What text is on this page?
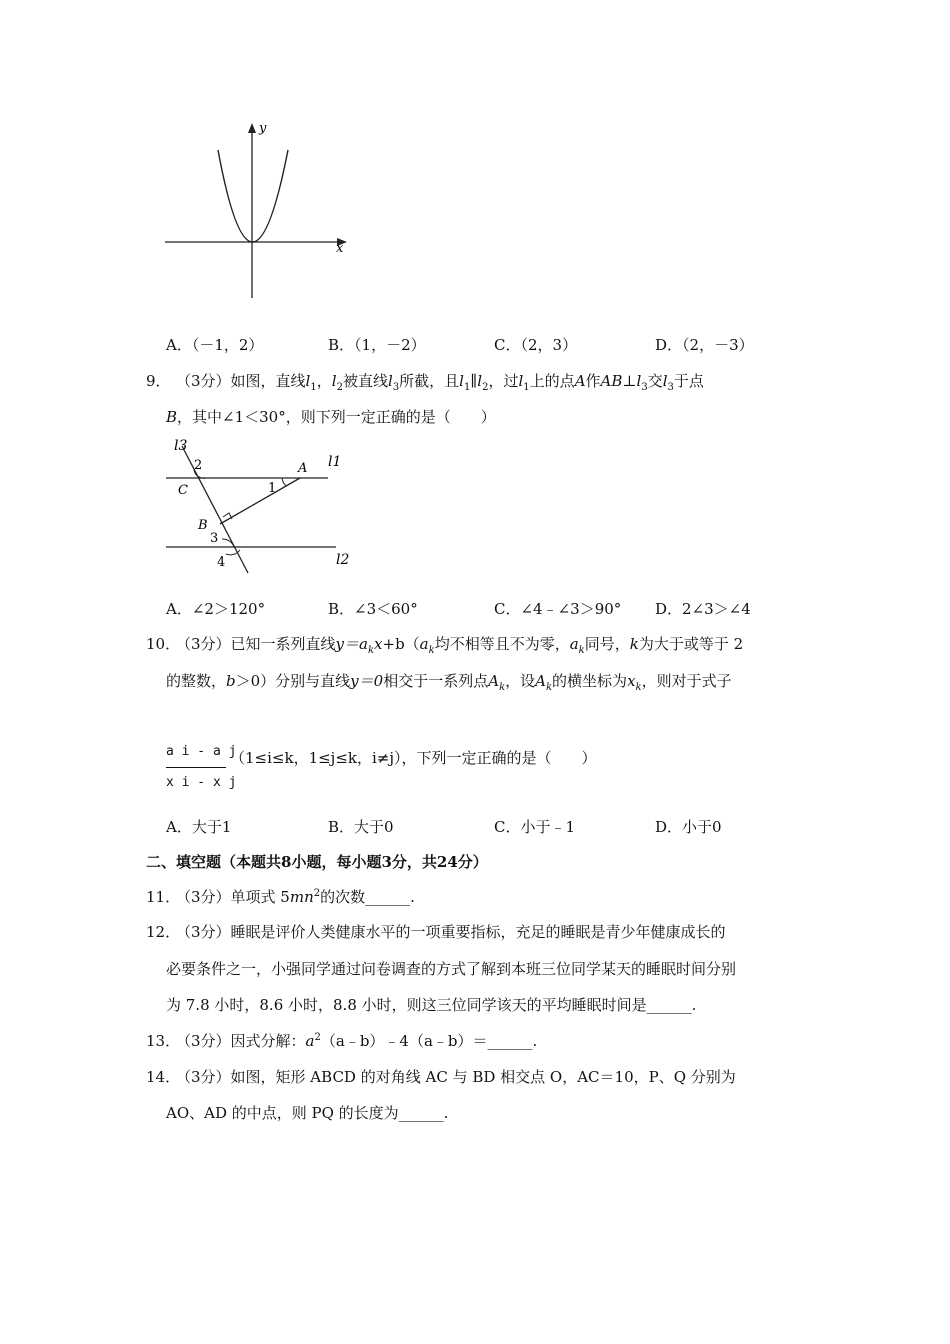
x
y
A．（－1，2）	B．（1，－2）	C．（2，3）	D．（2，－3）
9． （3分）如图，直线$l_1$，$l_2$被直线$l_3$所截，且$l_1\parallel l_2$，过$l_1$上的点A作$AB\perp l_3$交$l_3$于点
B，其中∠1＜30°，则下列一定正确的是（　　）
l3
l1
l2
2	A
C	1
B
3
4
A．∠2＞120°	B．∠3＜60°	C．∠4﹣∠3＞90° D．2∠3＞∠4
10．
（3分）已知一系列直线$y=a_kx+b(a_k$均不相等且不为零，$a_k$同号，k为大于或等于 2
的整数，b＞0）分别与直线y＝0相交于一系列点$A_k$，设$A_k$的横坐标为$x_k$，则对于式子
a i - a j
x i - x j
（1≤i≤k，1≤j≤k，i≠j），下列一定正确的是（　　）
A．大于1	B．大于0	C．小于﹣1	D．小于0
二、填空题（本题共8小题，每小题3分，共24分）
11．
（3分）单项式 $5mn^2$的次数______.
12．
（3分）睡眠是评价人类健康水平的一项重要指标，充足的睡眠是青少年健康成长的
必要条件之一，小强同学通过问卷调查的方式了解到本班三位同学某天的睡眠时间分别
为 7.8 小时，8.6 小时，8.8 小时，则这三位同学该天的平均睡眠时间是______.
13．
（3分）因式分解：$a^2(a﹣b)﹣4(a﹣b)=\_\_\_\_\_\_$.
14．
（3分）如图，矩形 ABCD 的对角线 AC 与 BD 相交点 O，AC＝10，P、Q 分别为
AO、AD 的中点，则 PQ 的长度为______.
